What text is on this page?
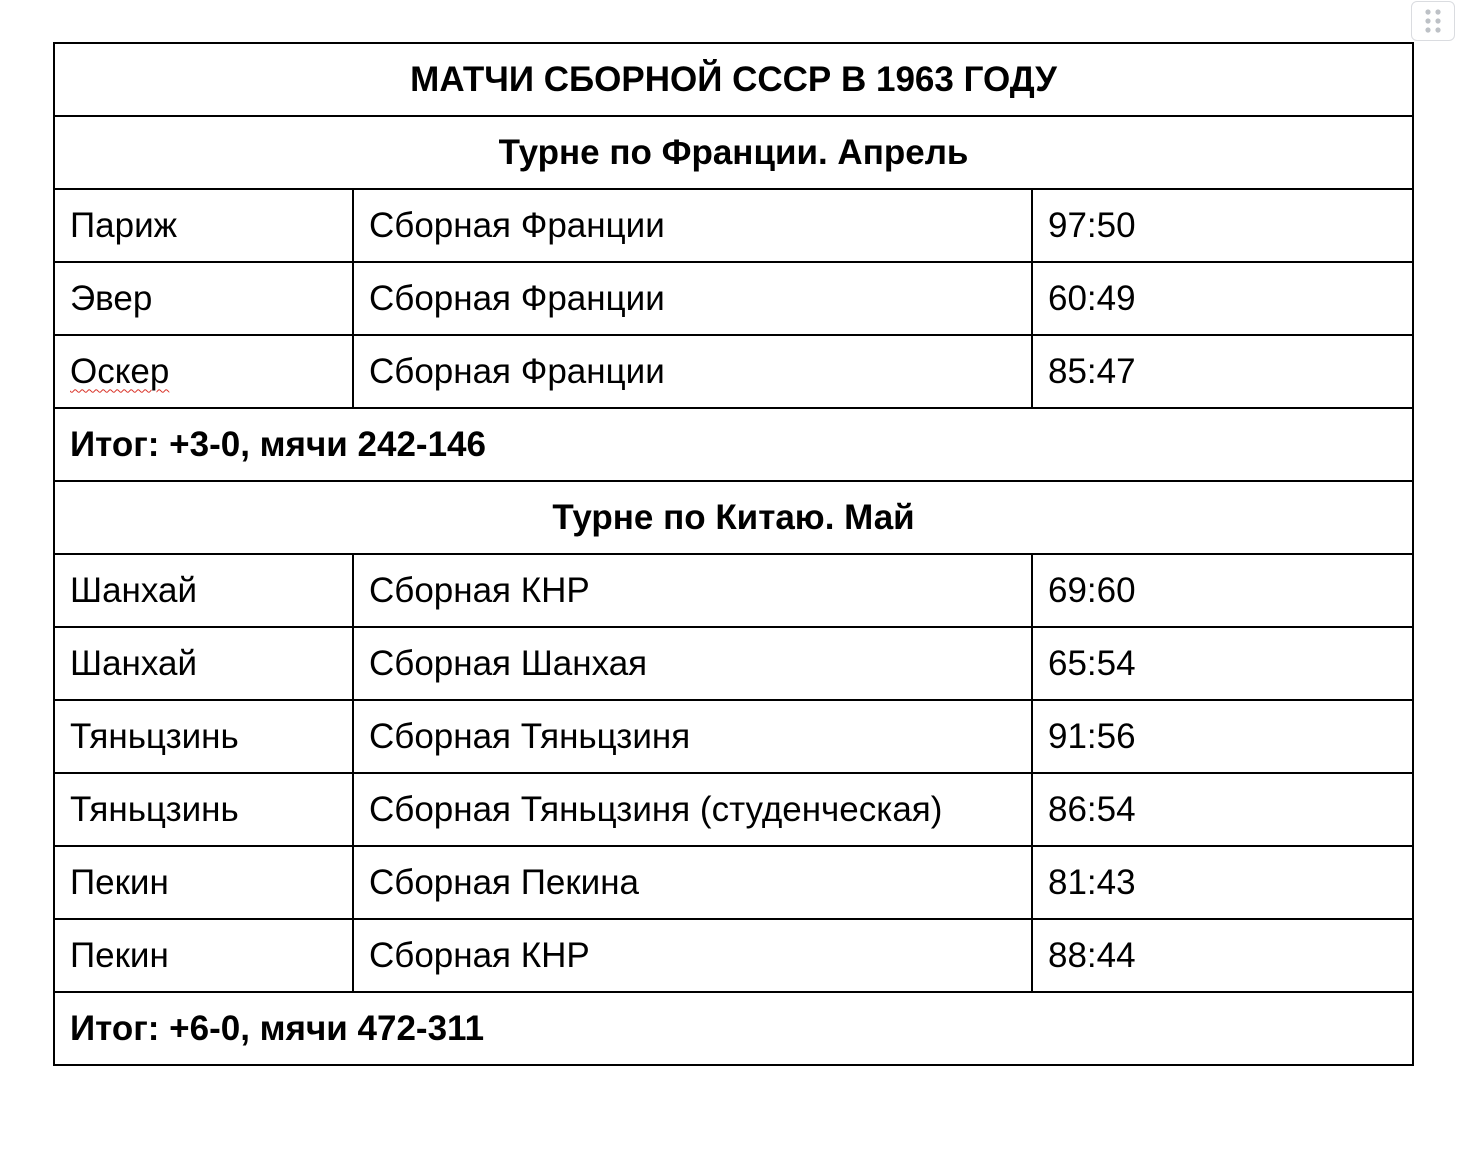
МАТЧИ СБОРНОЙ СССР В 1963 ГОДУ		
Турне по Франции. Апрель		
Париж	Сборная Франции	97:50
Эвер	Сборная Франции	60:49
Оскер	Сборная Франции	85:47
Итог: +3-0, мячи 242-146		
Турне по Китаю. Май		
Шанхай	Сборная КНР	69:60
Шанхай	Сборная Шанхая	65:54
Тяньцзинь	Сборная Тяньцзиня	91:56
Тяньцзинь	Сборная Тяньцзиня (студенческая)	86:54
Пекин	Сборная Пекина	81:43
Пекин	Сборная КНР	88:44
Итог: +6-0, мячи 472-311		
